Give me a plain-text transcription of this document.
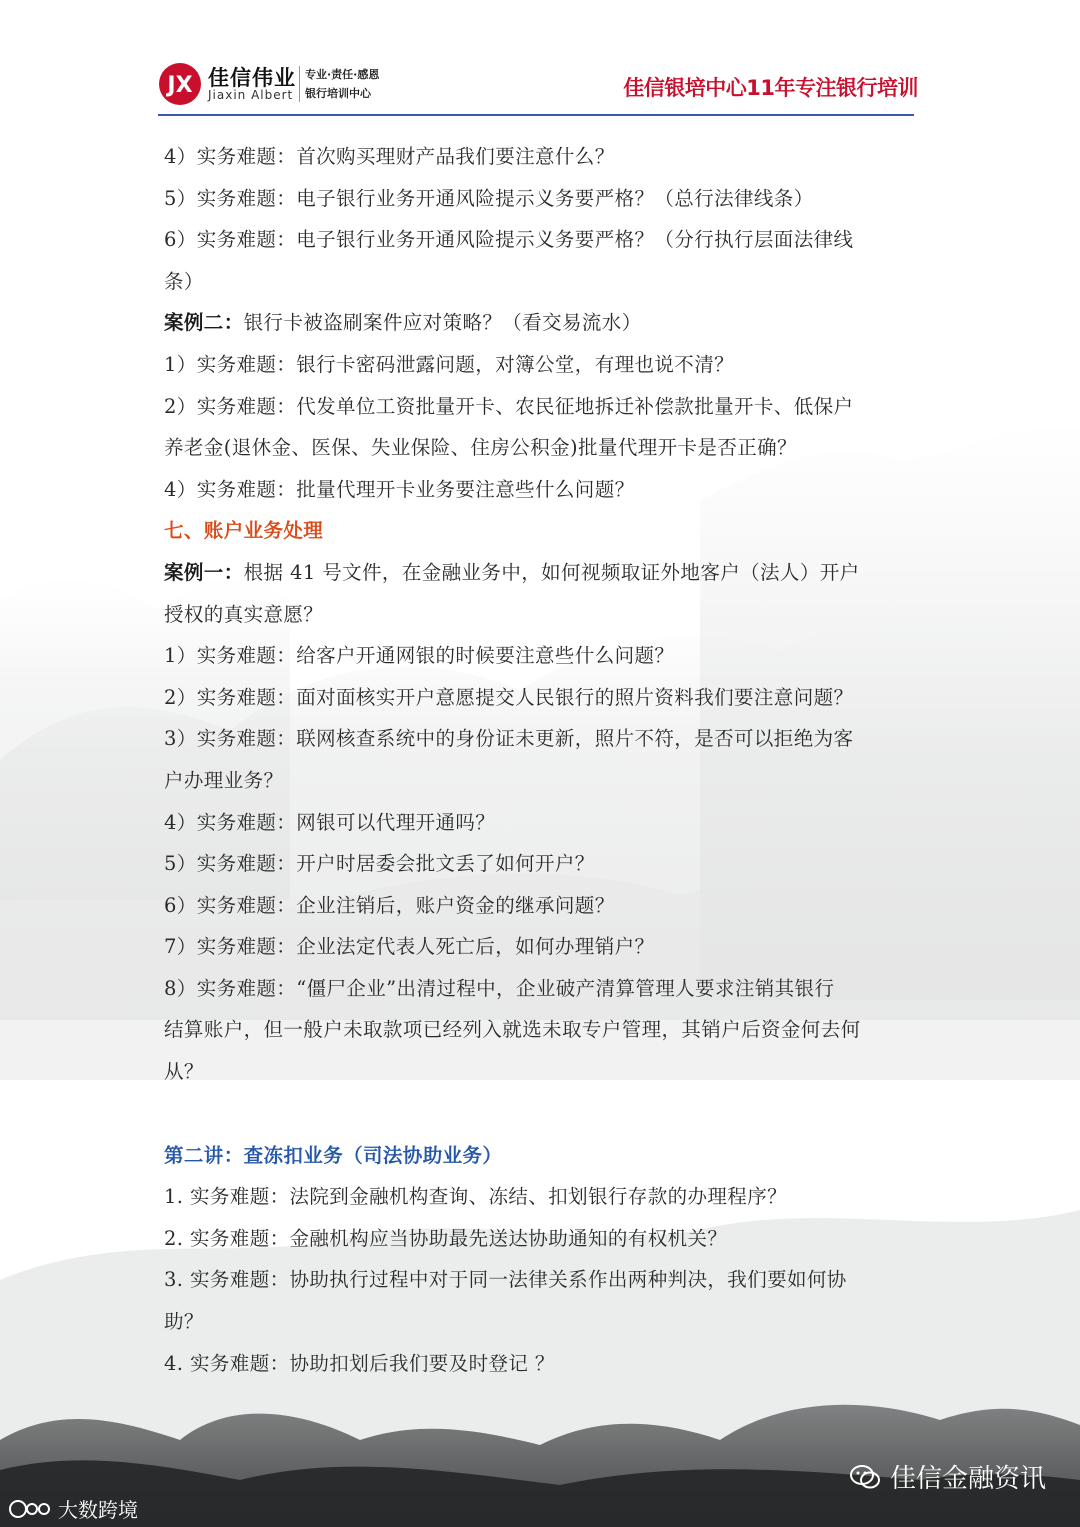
JX 佳信伟业
Jiaxin Albert
专业·责任·感恩
银行培训中心	佳信银培中心11年专注银行培训
4）实务难题：首次购买理财产品我们要注意什么？
5）实务难题：电子银行业务开通风险提示义务要严格？（总行法律线条）
6）实务难题：电子银行业务开通风险提示义务要严格？（分行执行层面法律线
条）
案例二：银行卡被盗刷案件应对策略？（看交易流水）
1）实务难题：银行卡密码泄露问题，对簿公堂，有理也说不清？
2）实务难题：代发单位工资批量开卡、农民征地拆迁补偿款批量开卡、低保户
养老金(退休金、医保、失业保险、住房公积金)批量代理开卡是否正确？
4）实务难题：批量代理开卡业务要注意些什么问题？
七、账户业务处理
案例一：根据 41 号文件，在金融业务中，如何视频取证外地客户（法人）开户
授权的真实意愿？
1）实务难题：给客户开通网银的时候要注意些什么问题？
2）实务难题：面对面核实开户意愿提交人民银行的照片资料我们要注意问题？
3）实务难题：联网核查系统中的身份证未更新，照片不符，是否可以拒绝为客
户办理业务？
4）实务难题：网银可以代理开通吗？
5）实务难题：开户时居委会批文丢了如何开户？
6）实务难题：企业注销后，账户资金的继承问题？
7）实务难题：企业法定代表人死亡后，如何办理销户？
8）实务难题：“僵尸企业”出清过程中，企业破产清算管理人要求注销其银行
结算账户，但一般户未取款项已经列入就选未取专户管理，其销户后资金何去何
从？
第二讲：查冻扣业务（司法协助业务）
1. 实务难题：法院到金融机构查询、冻结、扣划银行存款的办理程序？
2. 实务难题：金融机构应当协助最先送达协助通知的有权机关？
3. 实务难题：协助执行过程中对于同一法律关系作出两种判决，我们要如何协
助？
4. 实务难题：协助扣划后我们要及时登记 ？
佳信金融资讯
大数跨境
